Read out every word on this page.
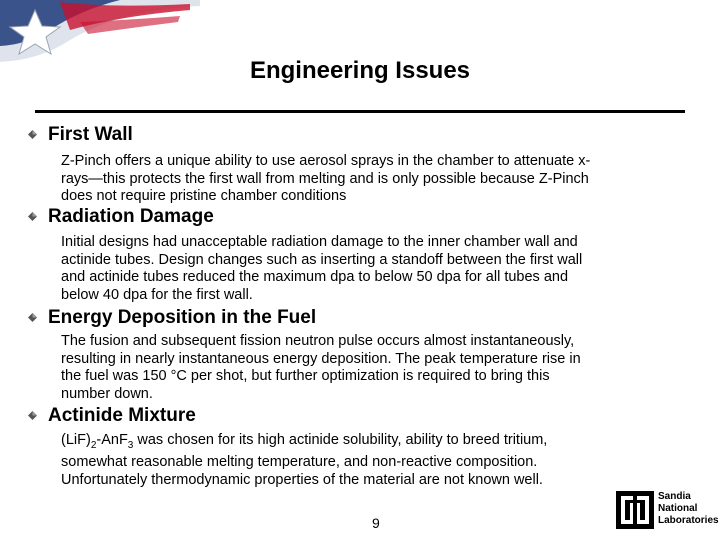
Engineering Issues
First Wall
Z-Pinch offers a unique ability to use aerosol sprays in the chamber to attenuate x-
rays—this protects the first wall from melting and is only possible because Z-Pinch
does not require pristine chamber conditions
Radiation Damage
Initial designs had unacceptable radiation damage to the inner chamber wall and
actinide tubes. Design changes such as inserting a standoff between the first wall
and actinide tubes reduced the maximum dpa to below 50 dpa for all tubes and
below 40 dpa for the first wall.
Energy Deposition in the Fuel
The fusion and subsequent fission neutron pulse occurs almost instantaneously,
resulting in nearly instantaneous energy deposition. The peak temperature rise in
the fuel was 150 °C per shot, but further optimization is required to bring this
number down.
Actinide Mixture
$(LiF)_2-AnF_3$ was chosen for its high actinide solubility, ability to breed tritium,
somewhat reasonable melting temperature, and non-reactive composition.
Unfortunately thermodynamic properties of the material are not known well.
9
Sandia
National
Laboratories
